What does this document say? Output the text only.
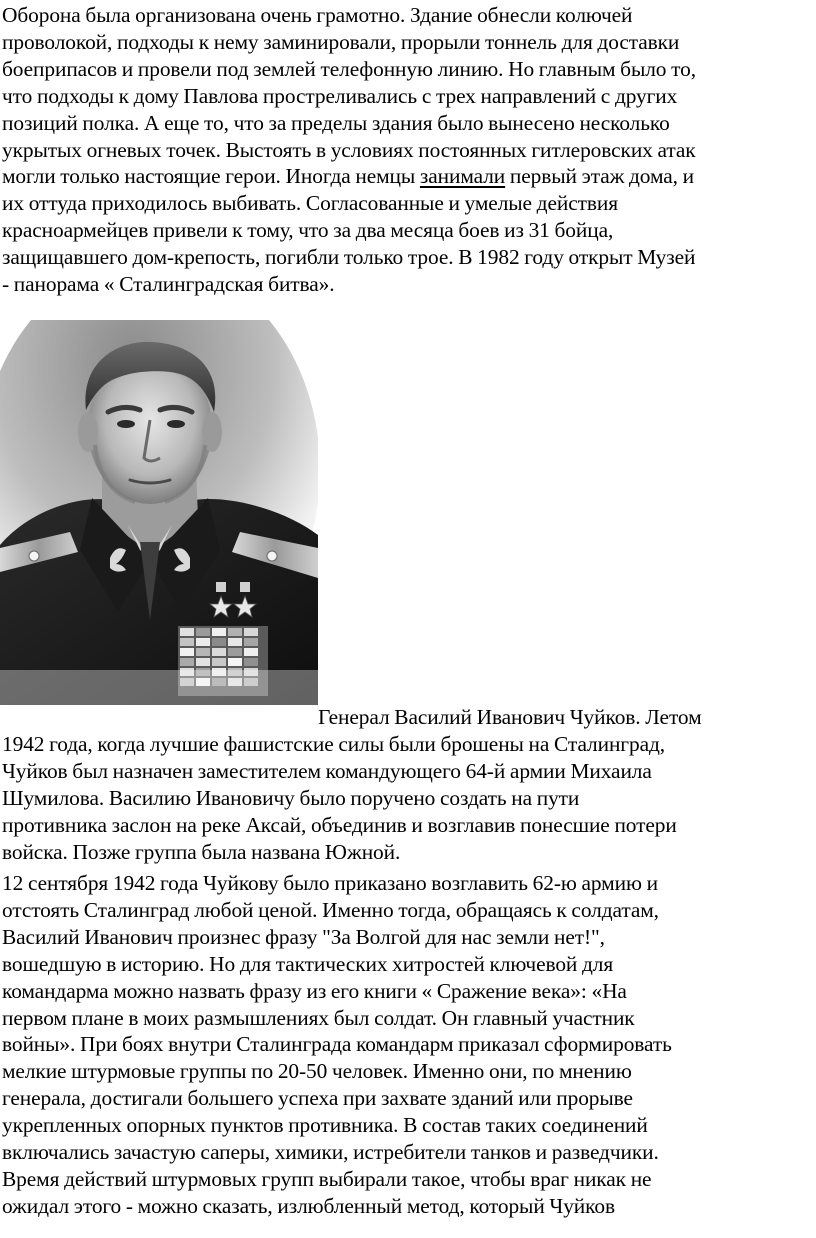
Оборона была организована очень грамотно. Здание обнесли колючей
проволокой, подходы к нему заминировали, прорыли тоннель для доставки
боеприпасов и провели под землей телефонную линию. Но главным было то,
что подходы к дому Павлова простреливались с трех направлений с других
позиций полка. А еще то, что за пределы здания было вынесено несколько
укрытых огневых точек. Выстоять в условиях постоянных гитлеровских атак
могли только настоящие герои. Иногда немцы занимали первый этаж дома, и
их оттуда приходилось выбивать. Согласованные и умелые действия
красноармейцев привели к тому, что за два месяца боев из 31 бойца,
защищавшего дом-крепость, погибли только трое. В 1982 году открыт Музей
- панорама « Сталинградская битва».

Генерал Василий Иванович Чуйков. Летом
1942 года, когда лучшие фашистские силы были брошены на Сталинград,
Чуйков был назначен заместителем командующего 64-й армии Михаила
Шумилова. Василию Ивановичу было поручено создать на пути
противника заслон на реке Аксай, объединив и возглавив понесшие потери
войска. Позже группа была названа Южной.

12 сентября 1942 года Чуйкову было приказано возглавить 62-ю армию и
отстоять Сталинград любой ценой. Именно тогда, обращаясь к солдатам,
Василий Иванович произнес фразу "За Волгой для нас земли нет!",
вошедшую в историю. Но для тактических хитростей ключевой для
командарма можно назвать фразу из его книги « Сражение века»: «На
первом плане в моих размышлениях был солдат. Он главный участник
войны». При боях внутри Сталинграда командарм приказал сформировать
мелкие штурмовые группы по 20-50 человек. Именно они, по мнению
генерала, достигали большего успеха при захвате зданий или прорыве
укрепленных опорных пунктов противника. В состав таких соединений
включались зачастую саперы, химики, истребители танков и разведчики.
Время действий штурмовых групп выбирали такое, чтобы враг никак не
ожидал этого - можно сказать, излюбленный метод, который Чуйков
